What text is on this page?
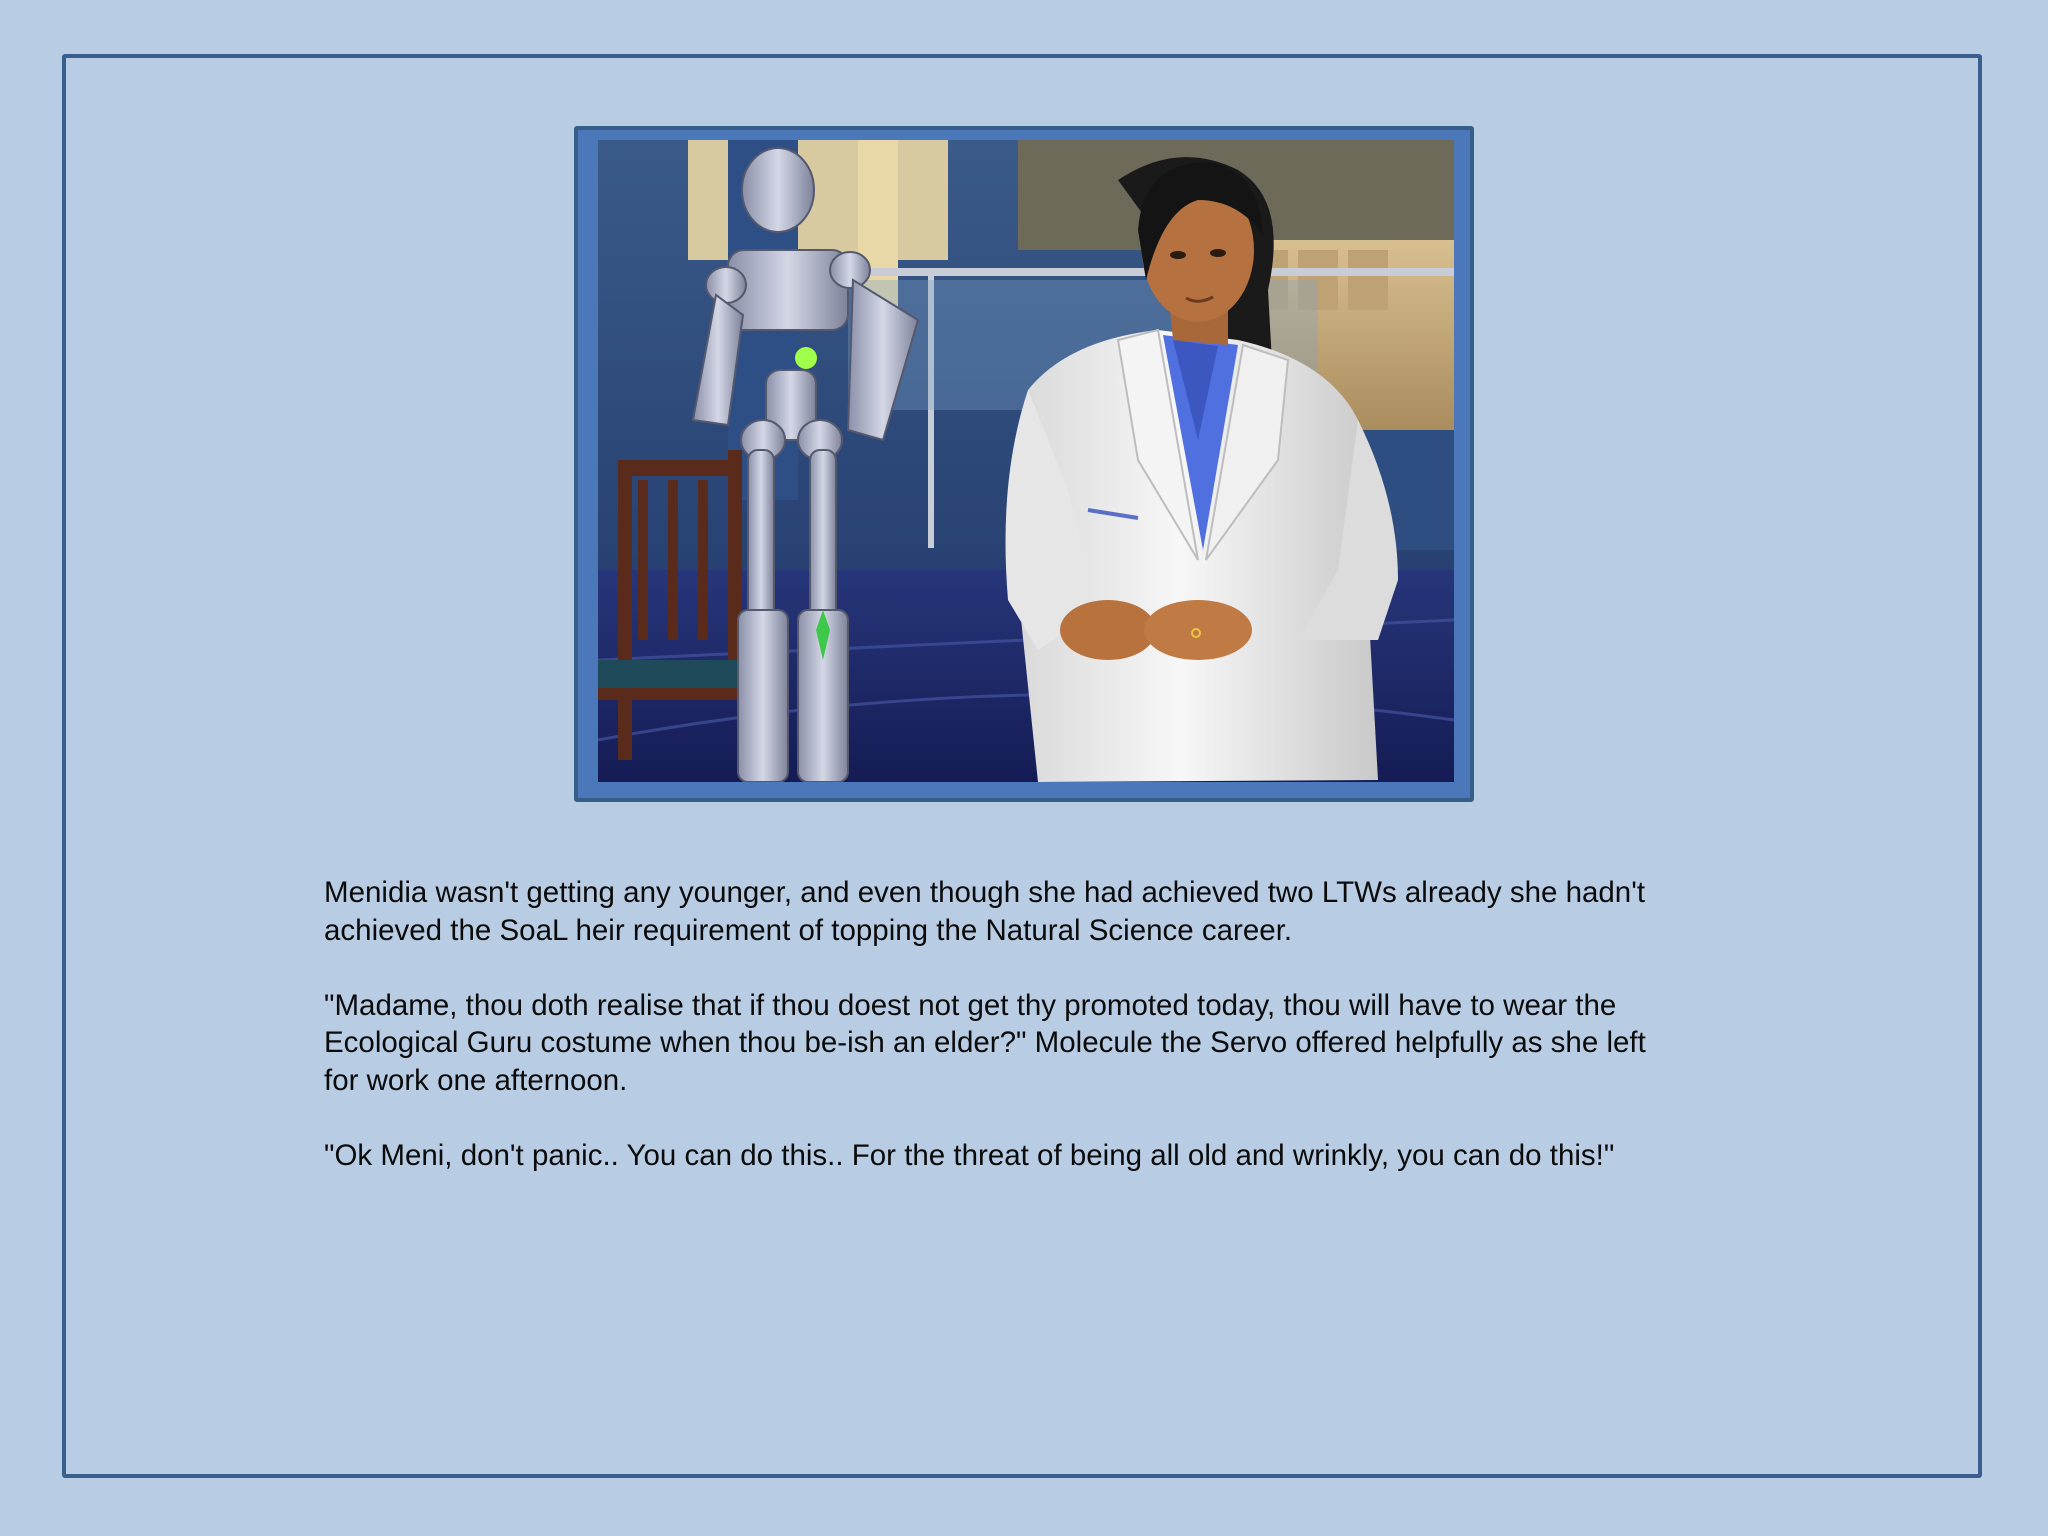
Menidia wasn't getting any younger, and even though she had achieved two LTWs already she hadn't achieved the SoaL heir requirement of topping the Natural Science career.

"Madame, thou doth realise that if thou doest not get thy promoted today, thou will have to wear the Ecological Guru costume when thou be-ish an elder?" Molecule the Servo offered helpfully as she left for work one afternoon.

"Ok Meni, don't panic.. You can do this.. For the threat of being all old and wrinkly, you can do this!"
